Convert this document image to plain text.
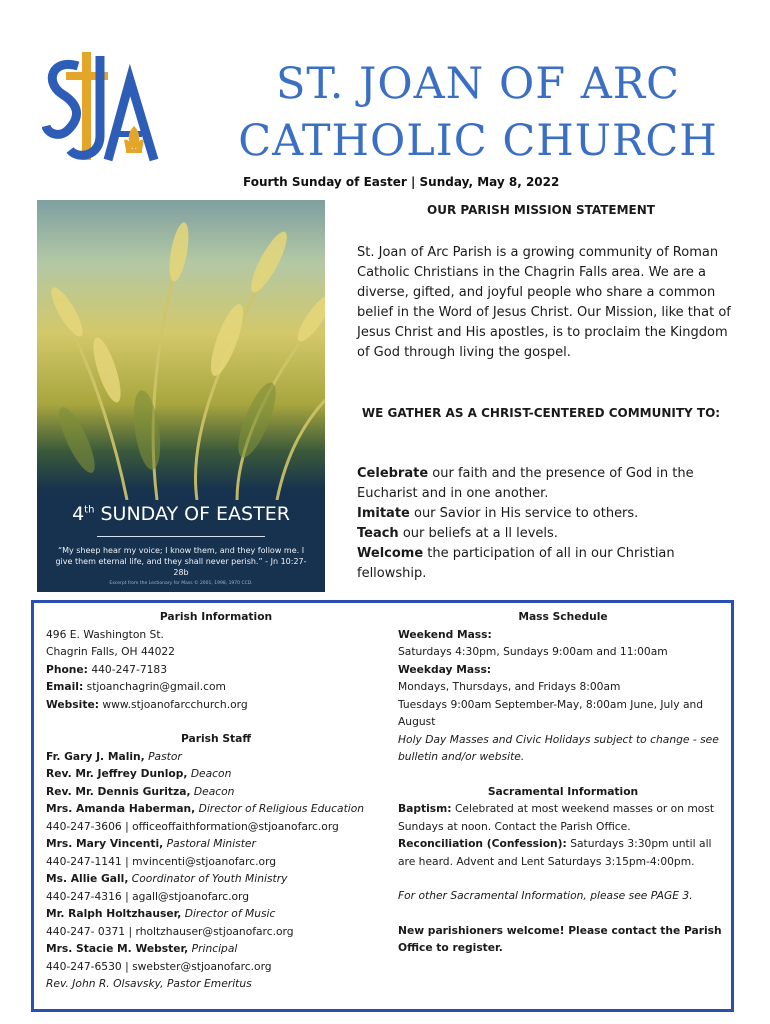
ST. JOAN OF ARC
CATHOLIC CHURCH
Fourth Sunday of Easter | Sunday, May 8, 2022
4th SUNDAY OF EASTER
“My sheep hear my voice; I know them, and they follow me. I give them eternal life, and they shall never perish.” - Jn 10:27-28b
Excerpt from the Lectionary for Mass © 2001, 1998, 1970 CCD.
OUR PARISH MISSION STATEMENT
St. Joan of Arc Parish is a growing community of Roman Catholic Christians in the Chagrin Falls area. We are a diverse, gifted, and joyful people who share a common belief in the Word of Jesus Christ. Our Mission, like that of Jesus Christ and His apostles, is to proclaim the Kingdom of God through living the gospel.
WE GATHER AS A CHRIST-CENTERED COMMUNITY TO:
Celebrate our faith and the presence of God in the Eucharist and in one another.
Imitate our Savior in His service to others.
Teach our beliefs at a ll levels.
Welcome the participation of all in our Christian fellowship.
Parish Information
496 E. Washington St.
Chagrin Falls, OH 44022
Phone: 440-247-7183
Email: stjoanchagrin@gmail.com
Website: www.stjoanofarcchurch.org
Parish Staff
Fr. Gary J. Malin, Pastor
Rev. Mr. Jeffrey Dunlop, Deacon
Rev. Mr. Dennis Guritza, Deacon
Mrs. Amanda Haberman, Director of Religious Education
440-247-3606 | officeoffaithformation@stjoanofarc.org
Mrs. Mary Vincenti, Pastoral Minister
440-247-1141 | mvincenti@stjoanofarc.org
Ms. Allie Gall, Coordinator of Youth Ministry
440-247-4316 | agall@stjoanofarc.org
Mr. Ralph Holtzhauser, Director of Music
440-247- 0371 | rholtzhauser@stjoanofarc.org
Mrs. Stacie M. Webster, Principal
440-247-6530 | swebster@stjoanofarc.org
Rev. John R. Olsavsky, Pastor Emeritus
Mass Schedule
Weekend Mass:
Saturdays 4:30pm, Sundays 9:00am and 11:00am
Weekday Mass:
Mondays, Thursdays, and Fridays 8:00am
Tuesdays 9:00am September-May, 8:00am June, July and August
Holy Day Masses and Civic Holidays subject to change - see bulletin and/or website.
Sacramental Information
Baptism: Celebrated at most weekend masses or on most Sundays at noon. Contact the Parish Office.
Reconciliation (Confession): Saturdays 3:30pm until all are heard. Advent and Lent Saturdays 3:15pm-4:00pm.
For other Sacramental Information, please see PAGE 3.
New parishioners welcome! Please contact the Parish Office to register.
